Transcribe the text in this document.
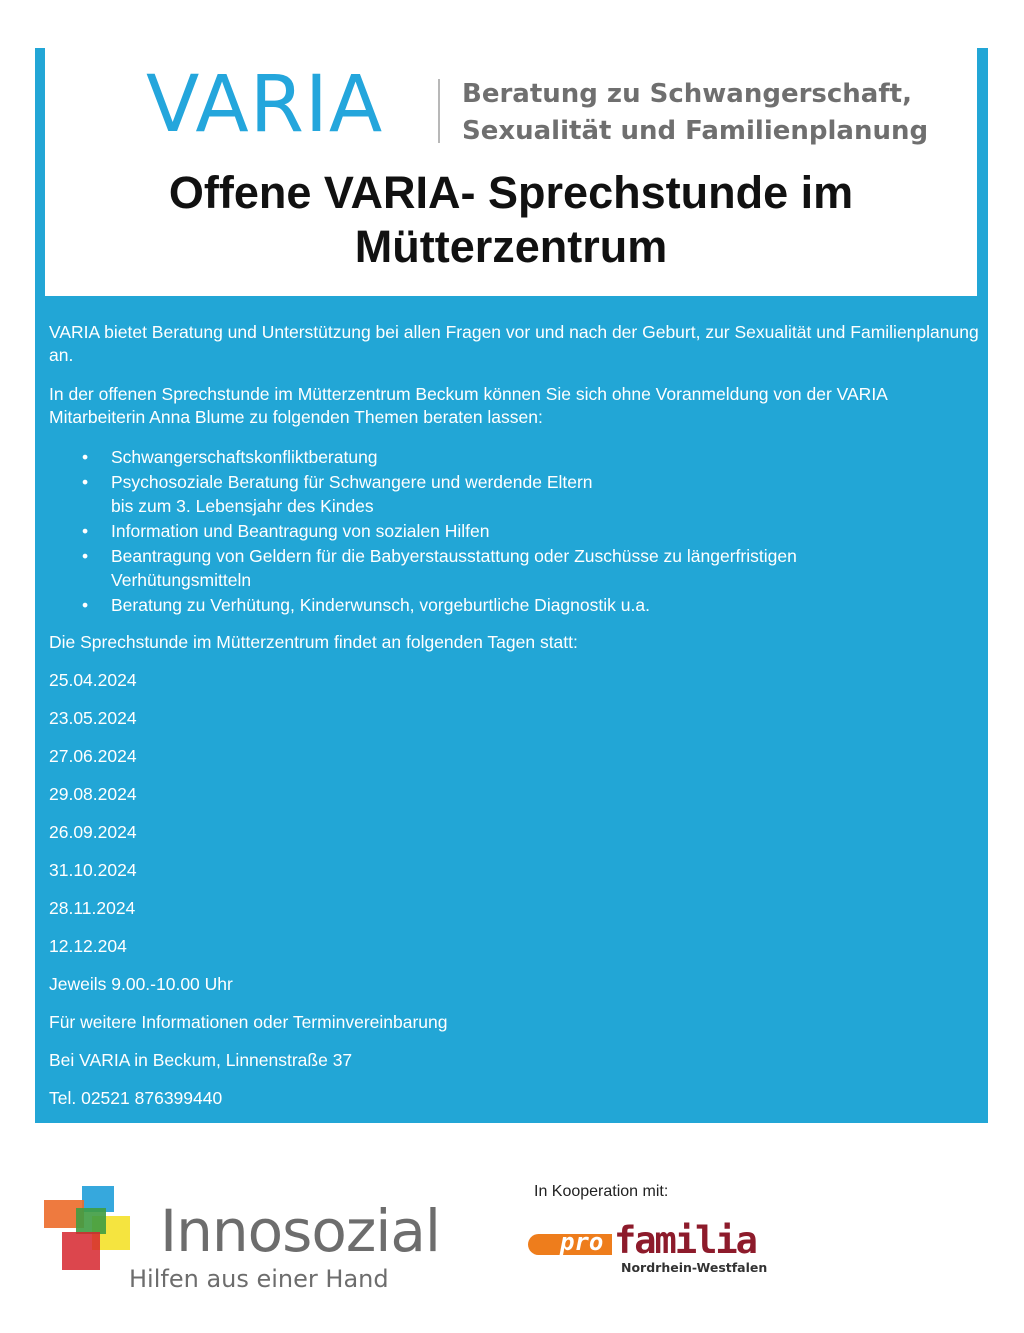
VARIA	Beratung zu Schwangerschaft,
Sexualität und Familienplanung
Offene VARIA- Sprechstunde im
Mütterzentrum

VARIA bietet Beratung und Unterstützung bei allen Fragen vor und nach der Geburt, zur Sexualität und Familienplanung an.

In der offenen Sprechstunde im Mütterzentrum Beckum können Sie sich ohne Voranmeldung von der VARIA Mitarbeiterin Anna Blume zu folgenden Themen beraten lassen:

• Schwangerschaftskonfliktberatung
• Psychosoziale Beratung für Schwangere und werdende Eltern
bis zum 3. Lebensjahr des Kindes
• Information und Beantragung von sozialen Hilfen
• Beantragung von Geldern für die Babyerstausstattung oder Zuschüsse zu längerfristigen
Verhütungsmitteln
• Beratung zu Verhütung, Kinderwunsch, vorgeburtliche Diagnostik u.a.

Die Sprechstunde im Mütterzentrum findet an folgenden Tagen statt:

25.04.2024

23.05.2024

27.06.2024

29.08.2024

26.09.2024

31.10.2024

28.11.2024

12.12.204

Jeweils 9.00.-10.00 Uhr

Für weitere Informationen oder Terminvereinbarung

Bei VARIA in Beckum, Linnenstraße 37

Tel. 02521 876399440

Innosozial
Hilfen aus einer Hand
In Kooperation mit:
pro familia
Nordrhein-Westfalen
